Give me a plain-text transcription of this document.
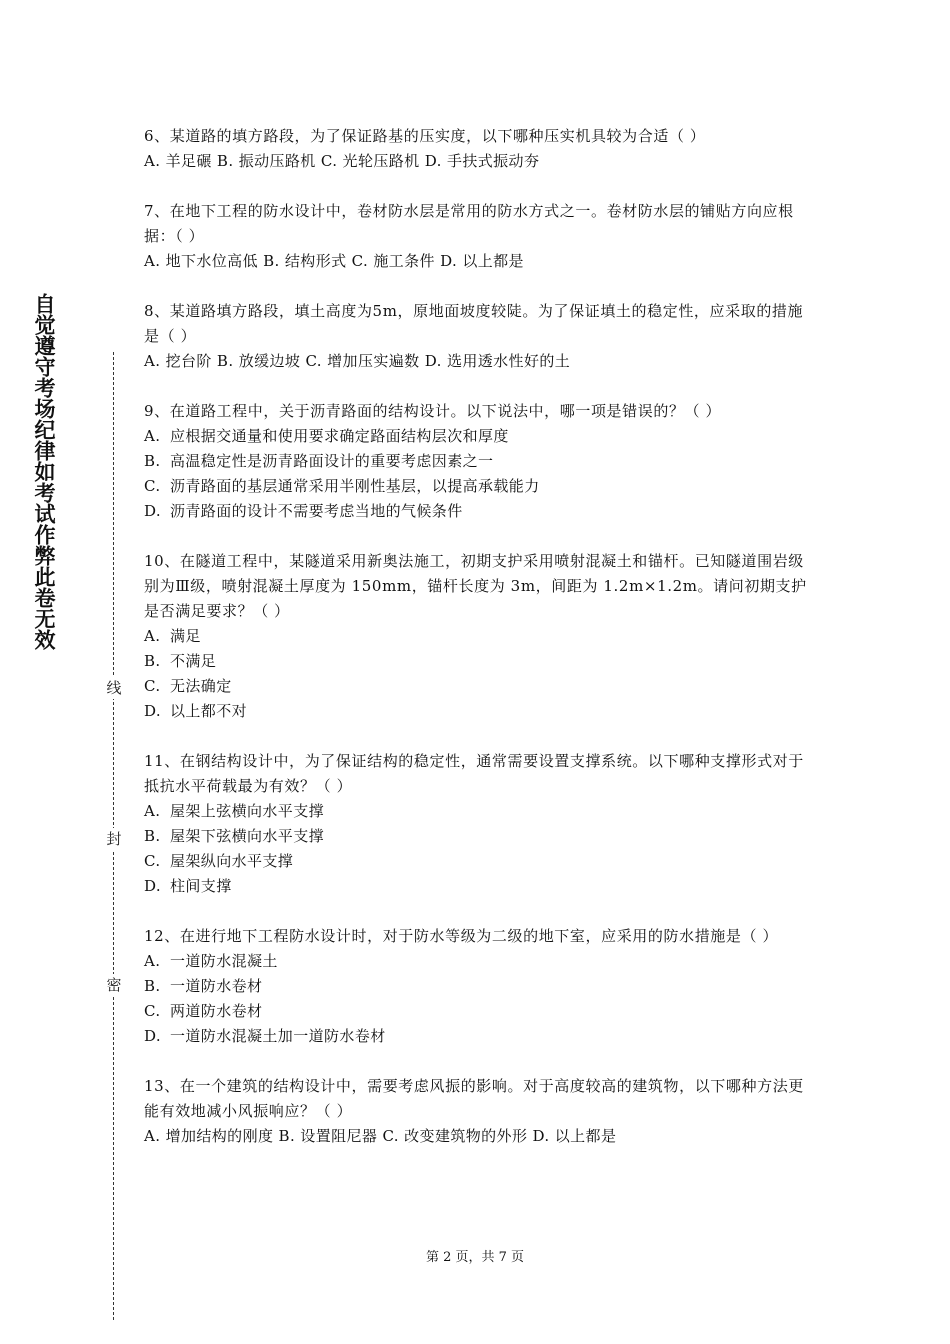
自觉遵守考场纪律如考试作弊此卷无效
线
封
密

6、某道路的填方路段，为了保证路基的压实度，以下哪种压实机具较为合适（ ）

A. 羊足碾 B. 振动压路机 C. 光轮压路机 D. 手扶式振动夯

7、在地下工程的防水设计中，卷材防水层是常用的防水方式之一。卷材防水层的铺贴方向应根据：（ ）

A. 地下水位高低 B. 结构形式 C. 施工条件 D. 以上都是

8、某道路填方路段，填土高度为5m，原地面坡度较陡。为了保证填土的稳定性，应采取的措施是（ ）

A. 挖台阶 B. 放缓边坡 C. 增加压实遍数 D. 选用透水性好的土

9、在道路工程中，关于沥青路面的结构设计。以下说法中，哪一项是错误的？（ ）

A. 应根据交通量和使用要求确定路面结构层次和厚度

B. 高温稳定性是沥青路面设计的重要考虑因素之一

C. 沥青路面的基层通常采用半刚性基层，以提高承载能力

D. 沥青路面的设计不需要考虑当地的气候条件

10、在隧道工程中，某隧道采用新奥法施工，初期支护采用喷射混凝土和锚杆。已知隧道围岩级别为Ⅲ级，喷射混凝土厚度为 150mm，锚杆长度为 3m，间距为 1.2m×1.2m。请问初期支护是否满足要求？（ ）

A. 满足

B. 不满足

C. 无法确定

D. 以上都不对

11、在钢结构设计中，为了保证结构的稳定性，通常需要设置支撑系统。以下哪种支撑形式对于抵抗水平荷载最为有效？（ ）

A. 屋架上弦横向水平支撑

B. 屋架下弦横向水平支撑

C. 屋架纵向水平支撑

D. 柱间支撑

12、在进行地下工程防水设计时，对于防水等级为二级的地下室，应采用的防水措施是（ ）

A. 一道防水混凝土

B. 一道防水卷材

C. 两道防水卷材

D. 一道防水混凝土加一道防水卷材

13、在一个建筑的结构设计中，需要考虑风振的影响。对于高度较高的建筑物，以下哪种方法更能有效地减小风振响应？（ ）

A. 增加结构的刚度 B. 设置阻尼器 C. 改变建筑物的外形 D. 以上都是

第 2 页，共 7 页
